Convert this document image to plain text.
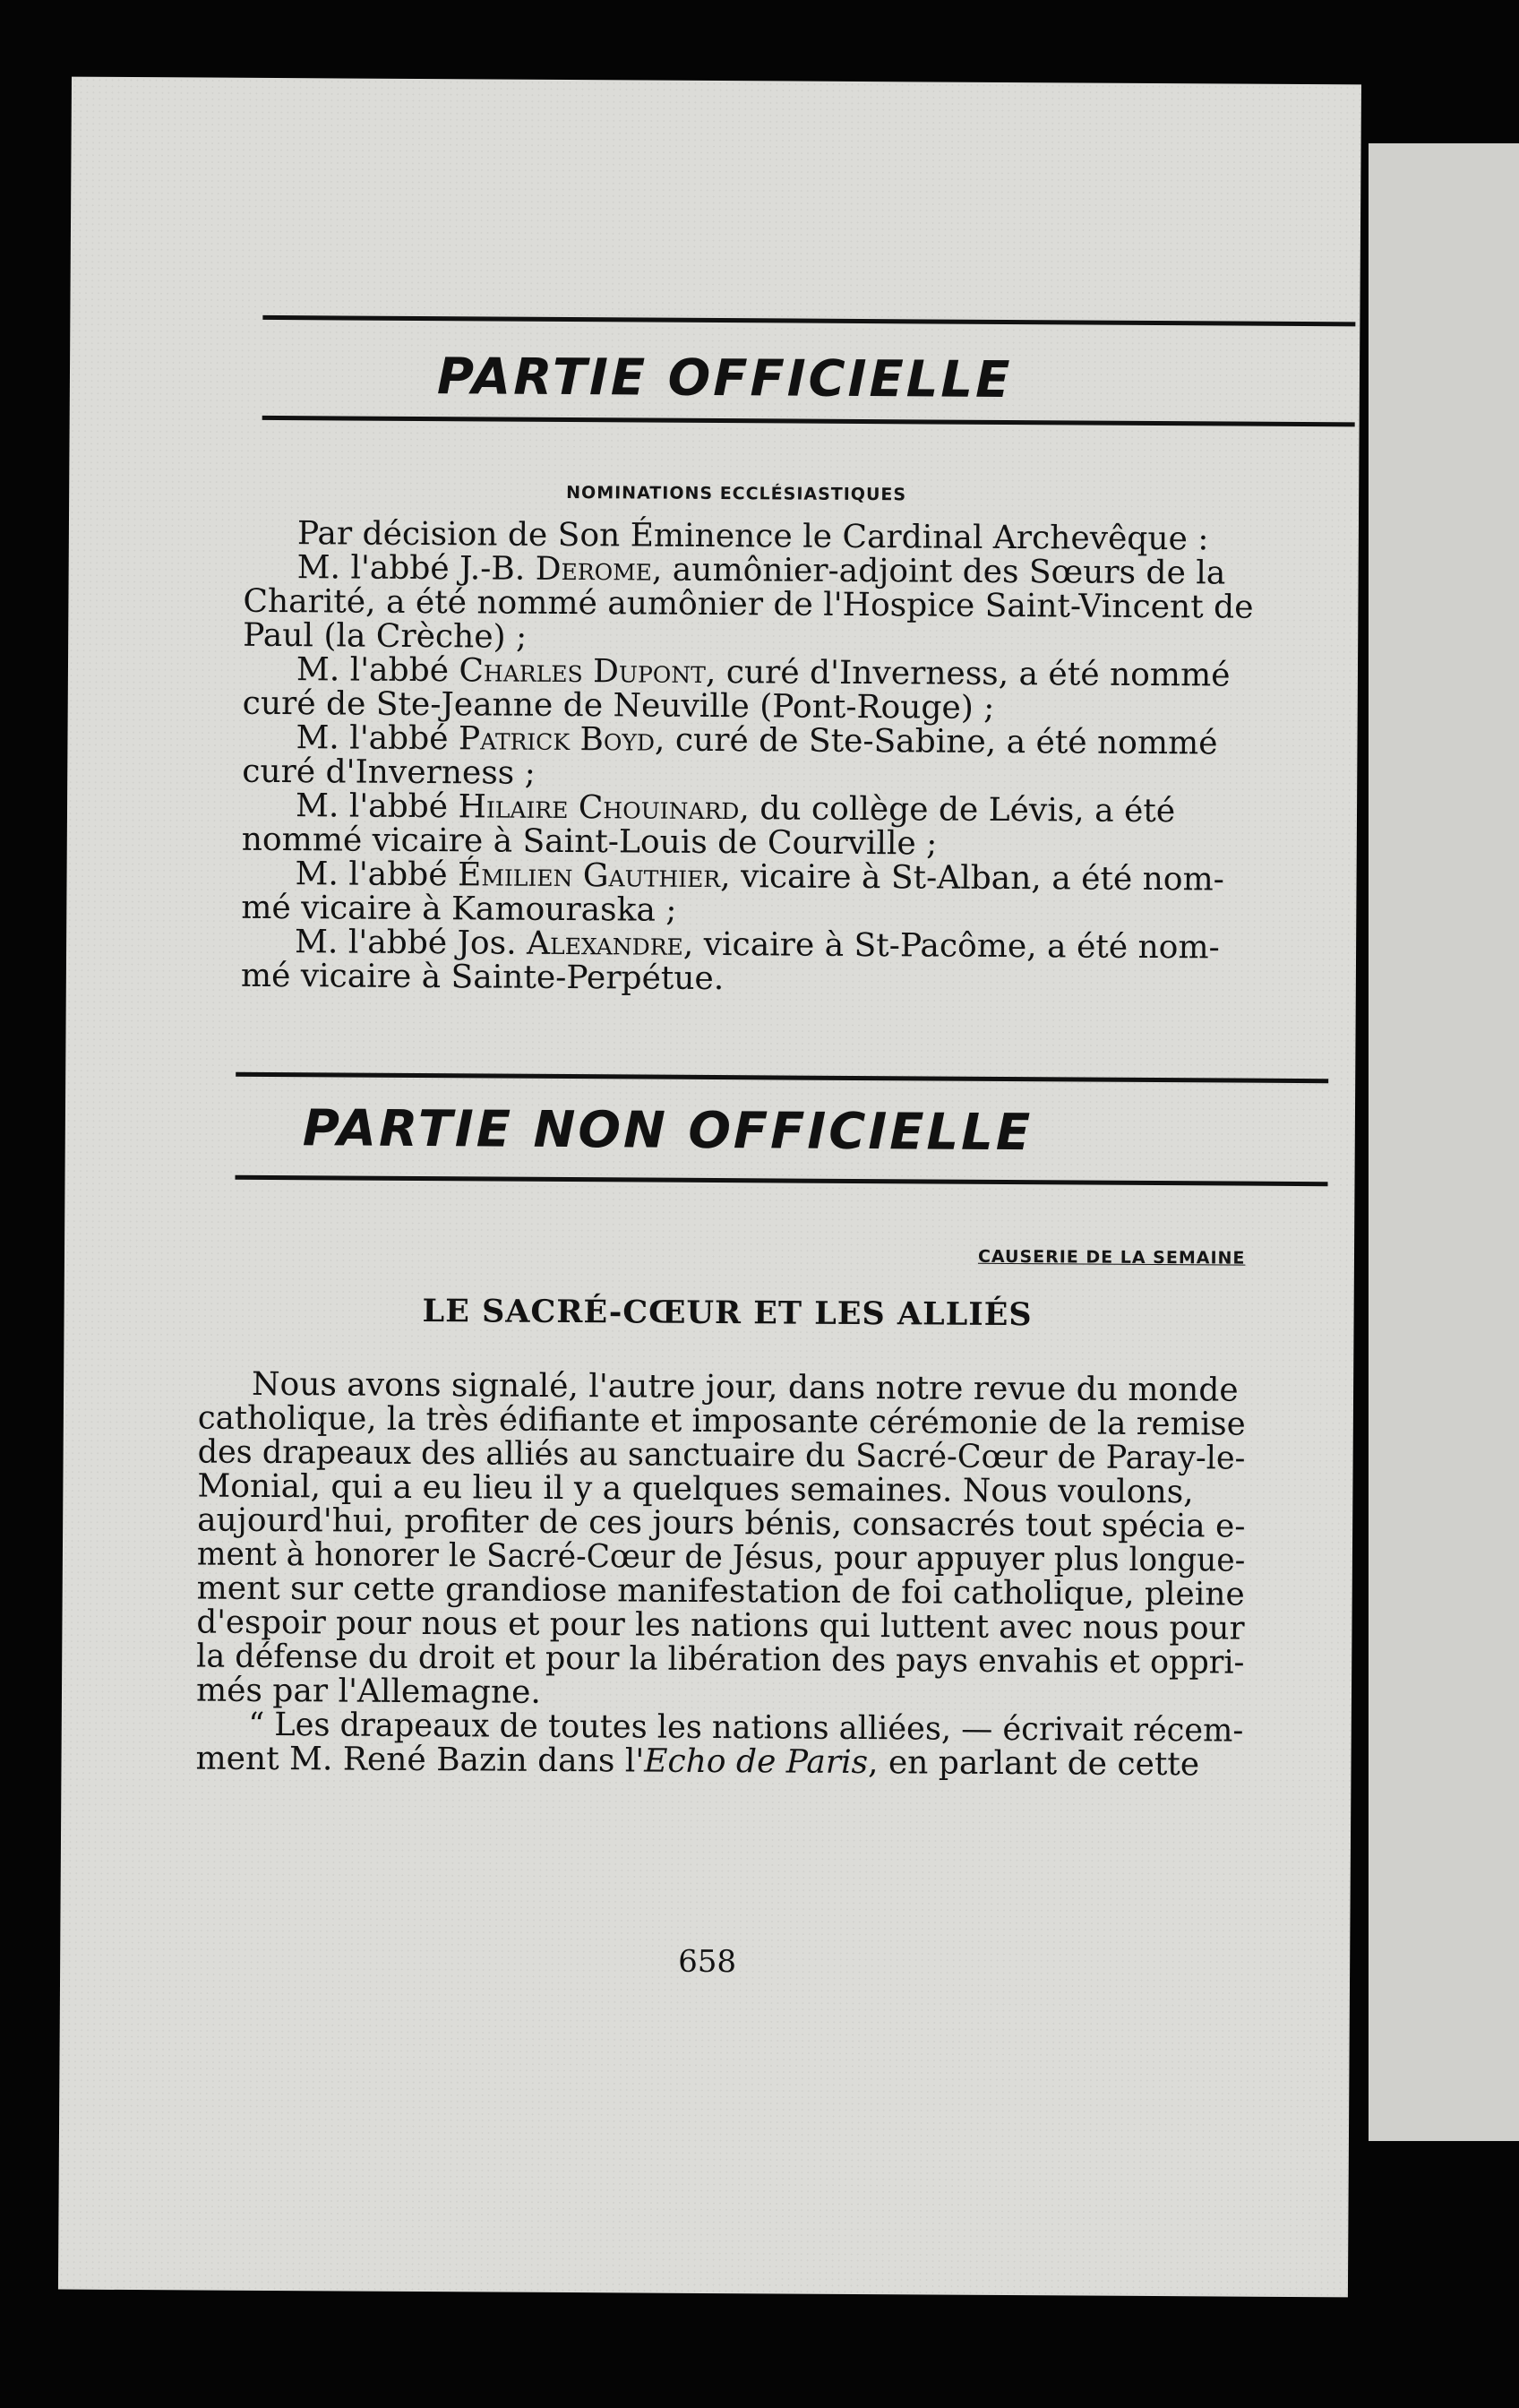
PARTIE OFFICIELLE
NOMINATIONS ECCLÉSIASTIQUES
Par décision de Son Éminence le Cardinal Archevêque :
M. l'abbé J.-B. Derome, aumônier-adjoint des Sœurs de la
Charité, a été nommé aumônier de l'Hospice Saint-Vincent de
Paul (la Crèche) ;
M. l'abbé Charles Dupont, curé d'Inverness, a été nommé
curé de Ste-Jeanne de Neuville (Pont-Rouge) ;
M. l'abbé Patrick Boyd, curé de Ste-Sabine, a été nommé
curé d'Inverness ;
M. l'abbé Hilaire Chouinard, du collège de Lévis, a été
nommé vicaire à Saint-Louis de Courville ;
M. l'abbé Émilien Gauthier, vicaire à St-Alban, a été nom-
mé vicaire à Kamouraska ;
M. l'abbé Jos. Alexandre, vicaire à St-Pacôme, a été nom-
mé vicaire à Sainte-Perpétue.
PARTIE NON OFFICIELLE
CAUSERIE DE LA SEMAINE
LE SACRÉ-CŒUR ET LES ALLIÉS
Nous avons signalé, l'autre jour, dans notre revue du monde
catholique, la très édifiante et imposante cérémonie de la remise
des drapeaux des alliés au sanctuaire du Sacré-Cœur de Paray-le-
Monial, qui a eu lieu il y a quelques semaines. Nous voulons,
aujourd'hui, profiter de ces jours bénis, consacrés tout spécia e-
ment à honorer le Sacré-Cœur de Jésus, pour appuyer plus longue-
ment sur cette grandiose manifestation de foi catholique, pleine
d'espoir pour nous et pour les nations qui luttent avec nous pour
la défense du droit et pour la libération des pays envahis et oppri-
més par l'Allemagne.
“ Les drapeaux de toutes les nations alliées, — écrivait récem-
ment M. René Bazin dans l'Echo de Paris, en parlant de cette
658
